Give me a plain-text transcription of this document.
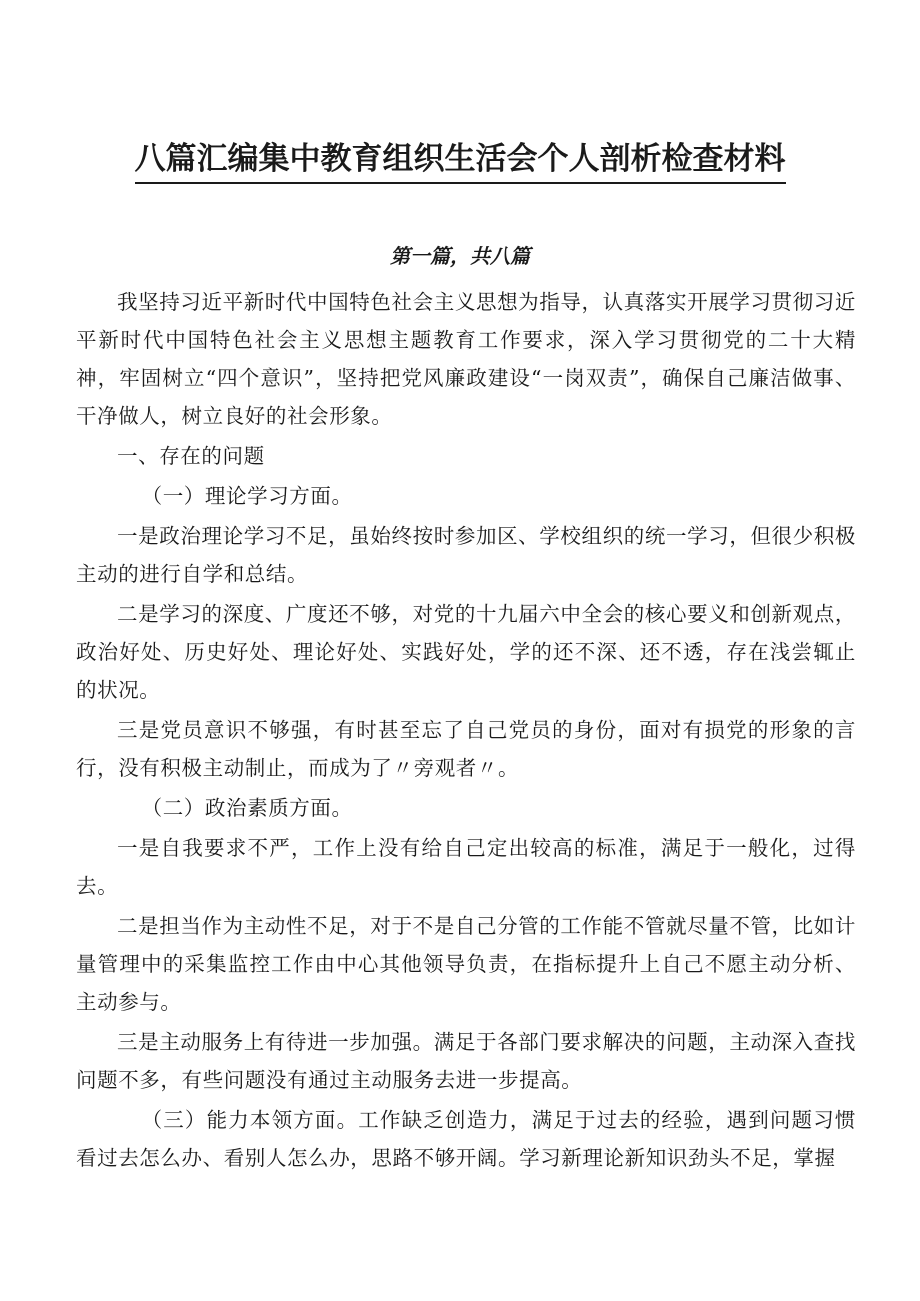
八篇汇编集中教育组织生活会个人剖析检查材料
第一篇，共八篇

我坚持习近平新时代中国特色社会主义思想为指导，认真落实开展学习贯彻习近平新时代中国特色社会主义思想主题教育工作要求，深入学习贯彻党的二十大精神，牢固树立“四个意识”，坚持把党风廉政建设“一岗双责”，确保自己廉洁做事、干净做人，树立良好的社会形象。

一、存在的问题

（一）理论学习方面。

一是政治理论学习不足，虽始终按时参加区、学校组织的统一学习，但很少积极主动的进行自学和总结。

二是学习的深度、广度还不够，对党的十九届六中全会的核心要义和创新观点，政治好处、历史好处、理论好处、实践好处，学的还不深、还不透，存在浅尝辄止的状况。

三是党员意识不够强，有时甚至忘了自己党员的身份，面对有损党的形象的言行，没有积极主动制止，而成为了〃旁观者〃。

（二）政治素质方面。

一是自我要求不严，工作上没有给自己定出较高的标准，满足于一般化，过得去。

二是担当作为主动性不足，对于不是自己分管的工作能不管就尽量不管，比如计量管理中的采集监控工作由中心其他领导负责，在指标提升上自己不愿主动分析、主动参与。

三是主动服务上有待进一步加强。满足于各部门要求解决的问题，主动深入查找问题不多，有些问题没有通过主动服务去进一步提高。

（三）能力本领方面。工作缺乏创造力，满足于过去的经验，遇到问题习惯看过去怎么办、看别人怎么办，思路不够开阔。学习新理论新知识劲头不足，掌握
